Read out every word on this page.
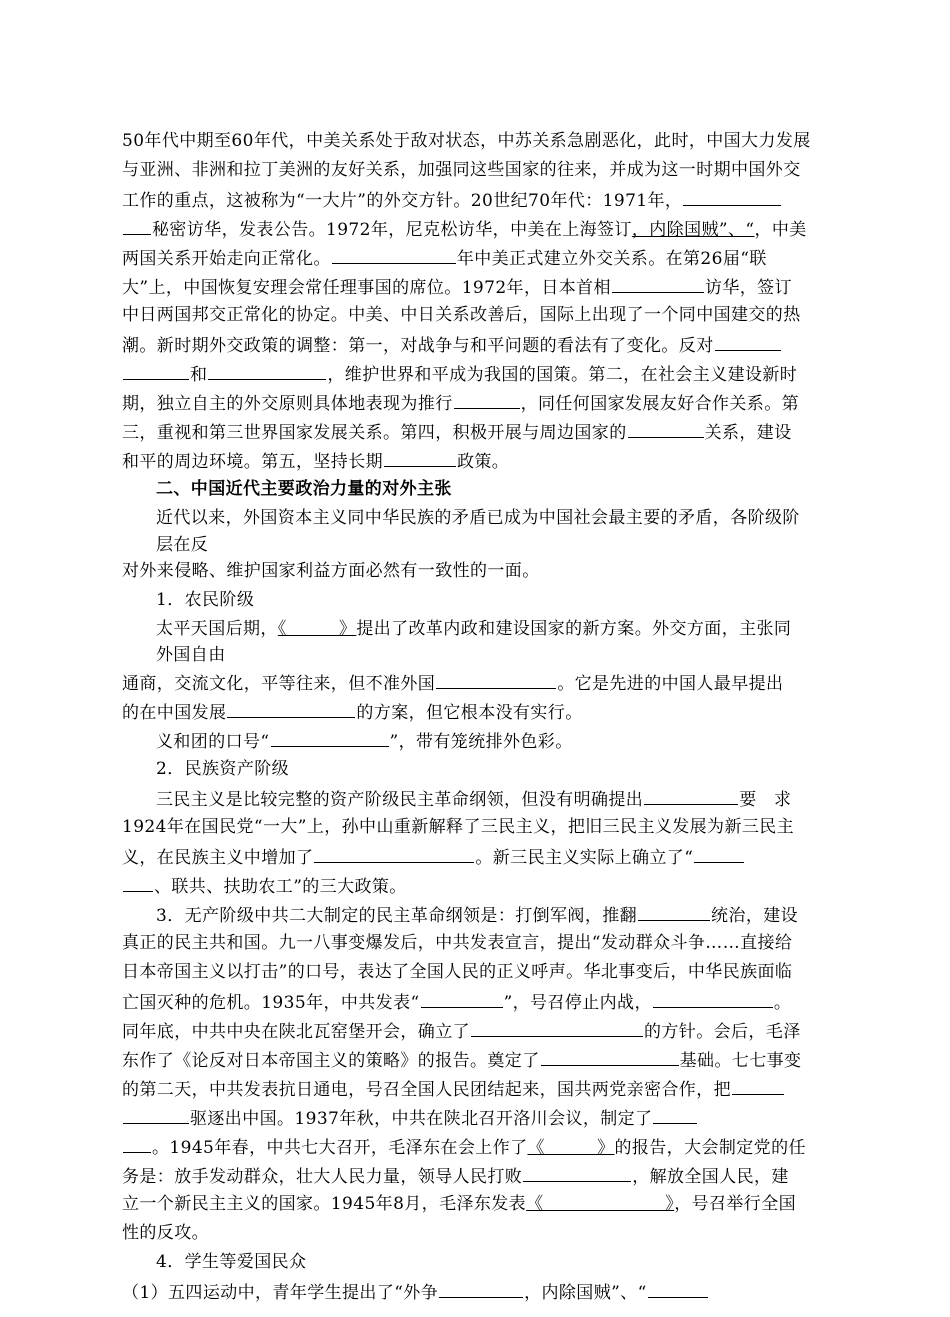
50年代中期至60年代，中美关系处于敌对状态，中苏关系急剧恶化，此时，中国大力发展
与亚洲、非洲和拉丁美洲的友好关系，加强同这些国家的往来，并成为这一时期中国外交
工作的重点，这被称为“一大片”的外交方针。20世纪70年代：1971年，
秘密访华，发表公告。1972年，尼克松访华，中美在上海签订，内除国贼”、“，中美
两国关系开始走向正常化。	年中美正式建立外交关系。在第26届“联
大”上，中国恢复安理会常任理事国的席位。1972年，日本首相	访华，签订
中日两国邦交正常化的协定。中美、中日关系改善后，国际上出现了一个同中国建交的热
潮。新时期外交政策的调整：第一，对战争与和平问题的看法有了变化。反对
和	，维护世界和平成为我国的国策。第二，在社会主义建设新时
期，独立自主的外交原则具体地表现为推行	，同任何国家发展友好合作关系。第
三，重视和第三世界国家发展关系。第四，积极开展与周边国家的	关系，建设
和平的周边环境。第五，坚持长期	政策。
二、中国近代主要政治力量的对外主张
近代以来，外国资本主义同中华民族的矛盾已成为中国社会最主要的矛盾，各阶级阶
层在反
对外来侵略、维护国家利益方面必然有一致性的一面。
1．农民阶级
太平天国后期，《　　　》提出了改革内政和建设国家的新方案。外交方面，主张同
外国自由
通商，交流文化，平等往来，但不准外国	。它是先进的中国人最早提出
的在中国发展	的方案，但它根本没有实行。
义和团的口号“	”，带有笼统排外色彩。
2．民族资产阶级
三民主义是比较完整的资产阶级民主革命纲领，但没有明确提出	要　求
1924年在国民党“一大”上，孙中山重新解释了三民主义，把旧三民主义发展为新三民主
义，在民族主义中增加了	。新三民主义实际上确立了“
、联共、扶助农工”的三大政策。
3．无产阶级中共二大制定的民主革命纲领是：打倒军阀，推翻	统治，建设
真正的民主共和国。九一八事变爆发后，中共发表宣言，提出“发动群众斗争……直接给
日本帝国主义以打击”的口号，表达了全国人民的正义呼声。华北事变后，中华民族面临
亡国灭种的危机。1935年，中共发表“	”，号召停止内战，	。
同年底，中共中央在陕北瓦窑堡开会，确立了	的方针。会后，毛泽
东作了《论反对日本帝国主义的策略》的报告。奠定了	基础。七七事变
的第二天，中共发表抗日通电，号召全国人民团结起来，国共两党亲密合作，把
驱逐出中国。1937年秋，中共在陕北召开洛川会议，制定了
。1945年春，中共七大召开，毛泽东在会上作了《　　　》的报告，大会制定党的任
务是：放手发动群众，壮大人民力量，领导人民打败	，解放全国人民，建
立一个新民主主义的国家。1945年8月，毛泽东发表《　　　　　　　》，号召举行全国
性的反攻。
4．学生等爱国民众
（1）五四运动中，青年学生提出了“外争	，内除国贼”、“
